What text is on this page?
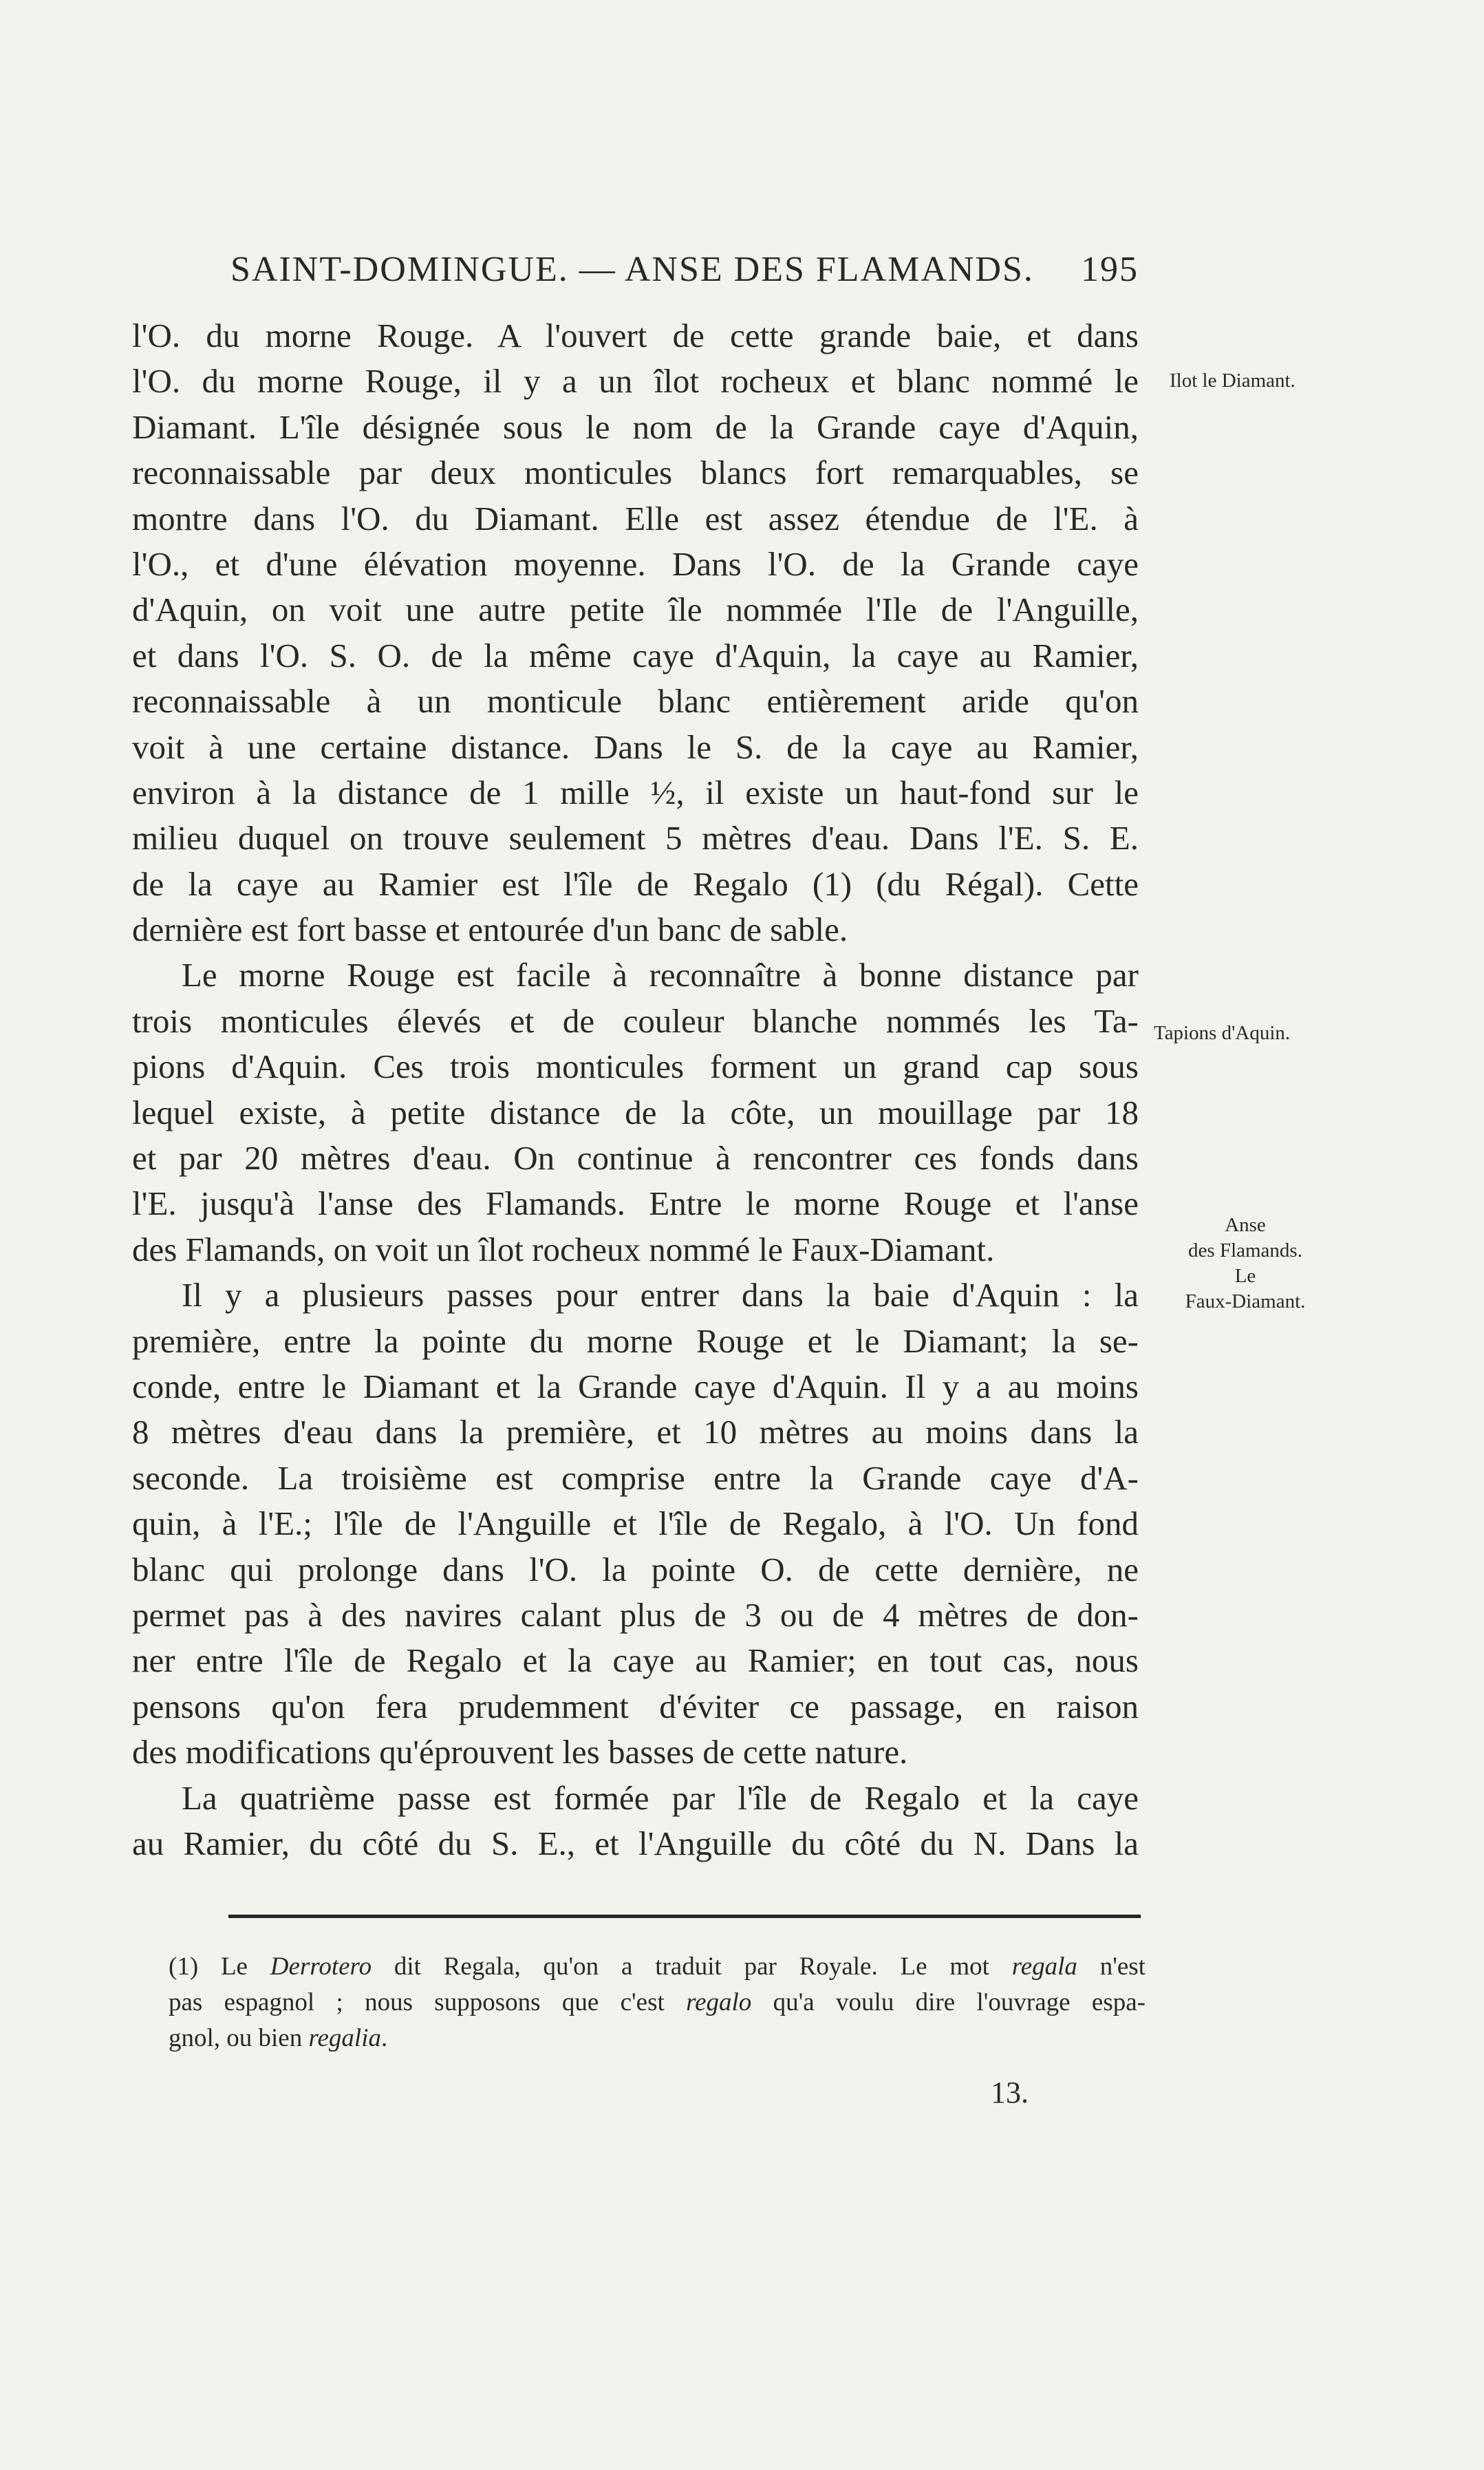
SAINT-DOMINGUE. — ANSE DES FLAMANDS. 195
l'O. du morne Rouge. A l'ouvert de cette grande baie, et dans
l'O. du morne Rouge, il y a un îlot rocheux et blanc nommé le
Diamant. L'île désignée sous le nom de la Grande caye d'Aquin,
reconnaissable par deux monticules blancs fort remarquables, se
montre dans l'O. du Diamant. Elle est assez étendue de l'E. à
l'O., et d'une élévation moyenne. Dans l'O. de la Grande caye
d'Aquin, on voit une autre petite île nommée l'Ile de l'Anguille,
et dans l'O. S. O. de la même caye d'Aquin, la caye au Ramier,
reconnaissable à un monticule blanc entièrement aride qu'on
voit à une certaine distance. Dans le S. de la caye au Ramier,
environ à la distance de 1 mille ½, il existe un haut-fond sur le
milieu duquel on trouve seulement 5 mètres d'eau. Dans l'E. S. E.
de la caye au Ramier est l'île de Regalo (1) (du Régal). Cette
dernière est fort basse et entourée d'un banc de sable.
Le morne Rouge est facile à reconnaître à bonne distance par
trois monticules élevés et de couleur blanche nommés les Ta-
pions d'Aquin. Ces trois monticules forment un grand cap sous
lequel existe, à petite distance de la côte, un mouillage par 18
et par 20 mètres d'eau. On continue à rencontrer ces fonds dans
l'E. jusqu'à l'anse des Flamands. Entre le morne Rouge et l'anse
des Flamands, on voit un îlot rocheux nommé le Faux-Diamant.
Il y a plusieurs passes pour entrer dans la baie d'Aquin : la
première, entre la pointe du morne Rouge et le Diamant; la se-
conde, entre le Diamant et la Grande caye d'Aquin. Il y a au moins
8 mètres d'eau dans la première, et 10 mètres au moins dans la
seconde. La troisième est comprise entre la Grande caye d'A-
quin, à l'E.; l'île de l'Anguille et l'île de Regalo, à l'O. Un fond
blanc qui prolonge dans l'O. la pointe O. de cette dernière, ne
permet pas à des navires calant plus de 3 ou de 4 mètres de don-
ner entre l'île de Regalo et la caye au Ramier; en tout cas, nous
pensons qu'on fera prudemment d'éviter ce passage, en raison
des modifications qu'éprouvent les basses de cette nature.
La quatrième passe est formée par l'île de Regalo et la caye
au Ramier, du côté du S. E., et l'Anguille du côté du N. Dans la
Ilot le Diamant.
Tapions d'Aquin.
Anse
des Flamands.
Le
Faux-Diamant.
(1) Le Derrotero dit Regala, qu'on a traduit par Royale. Le mot regala n'est
pas espagnol ; nous supposons que c'est regalo qu'a voulu dire l'ouvrage espa-
gnol, ou bien regalia.
13.
